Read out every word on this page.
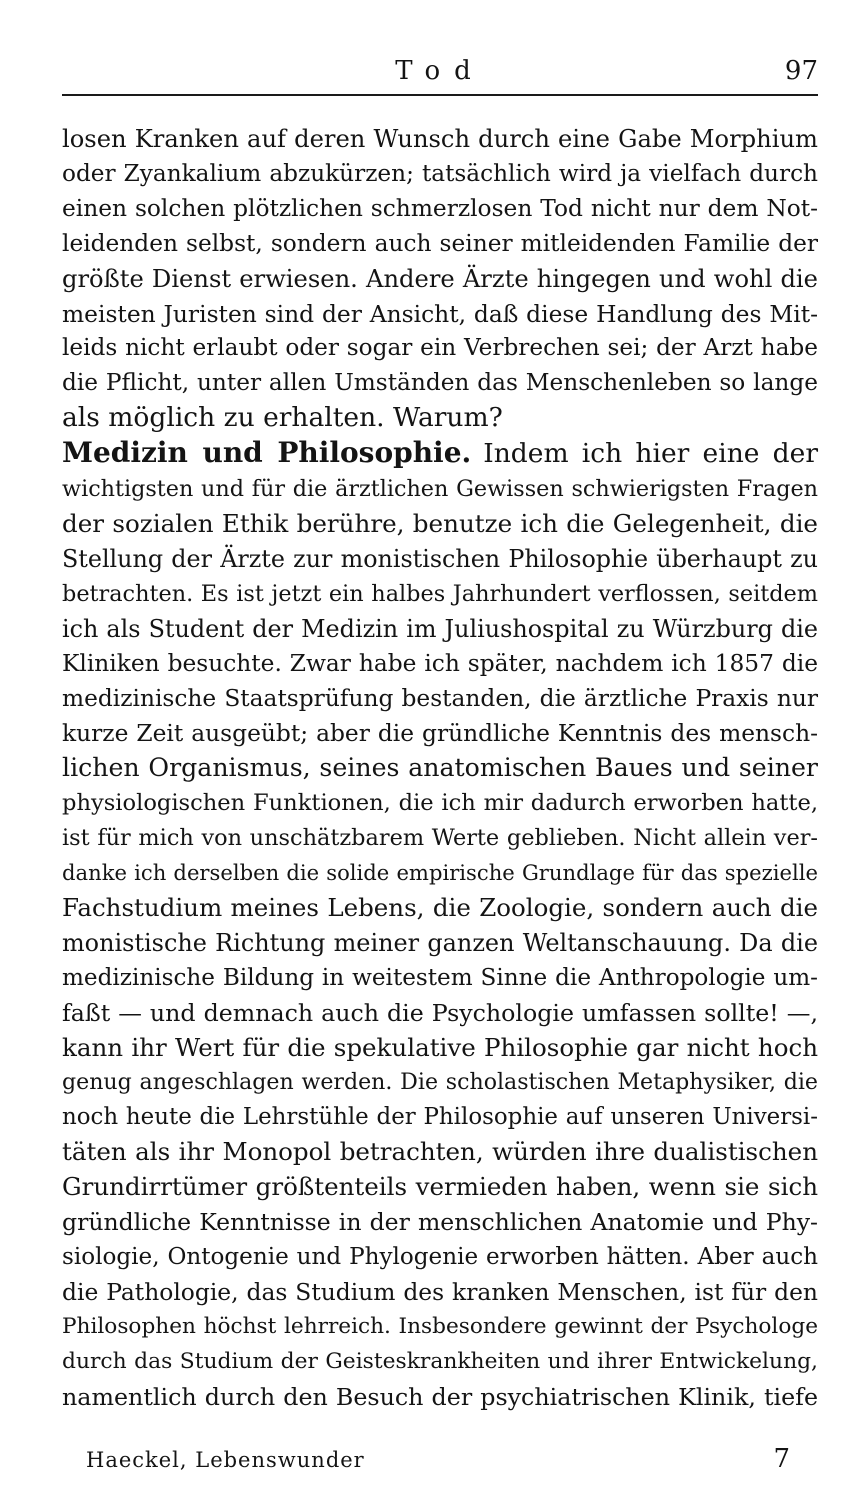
Tod	97
losen Kranken auf deren Wunsch durch eine Gabe Morphium
oder Zyankalium abzukürzen; tatsächlich wird ja vielfach durch
einen solchen plötzlichen schmerzlosen Tod nicht nur dem Not-
leidenden selbst, sondern auch seiner mitleidenden Familie der
größte Dienst erwiesen. Andere Ärzte hingegen und wohl die
meisten Juristen sind der Ansicht, daß diese Handlung des Mit-
leids nicht erlaubt oder sogar ein Verbrechen sei; der Arzt habe
die Pflicht, unter allen Umständen das Menschenleben so lange
als möglich zu erhalten. Warum?
Medizin und Philosophie. Indem ich hier eine der
wichtigsten und für die ärztlichen Gewissen schwierigsten Fragen
der sozialen Ethik berühre, benutze ich die Gelegenheit, die
Stellung der Ärzte zur monistischen Philosophie überhaupt zu
betrachten. Es ist jetzt ein halbes Jahrhundert verflossen, seitdem
ich als Student der Medizin im Juliushospital zu Würzburg die
Kliniken besuchte. Zwar habe ich später, nachdem ich 1857 die
medizinische Staatsprüfung bestanden, die ärztliche Praxis nur
kurze Zeit ausgeübt; aber die gründliche Kenntnis des mensch-
lichen Organismus, seines anatomischen Baues und seiner
physiologischen Funktionen, die ich mir dadurch erworben hatte,
ist für mich von unschätzbarem Werte geblieben. Nicht allein ver-
danke ich derselben die solide empirische Grundlage für das spezielle
Fachstudium meines Lebens, die Zoologie, sondern auch die
monistische Richtung meiner ganzen Weltanschauung. Da die
medizinische Bildung in weitestem Sinne die Anthropologie um-
faßt — und demnach auch die Psychologie umfassen sollte! —,
kann ihr Wert für die spekulative Philosophie gar nicht hoch
genug angeschlagen werden. Die scholastischen Metaphysiker, die
noch heute die Lehrstühle der Philosophie auf unseren Universi-
täten als ihr Monopol betrachten, würden ihre dualistischen
Grundirrtümer größtenteils vermieden haben, wenn sie sich
gründliche Kenntnisse in der menschlichen Anatomie und Phy-
siologie, Ontogenie und Phylogenie erworben hätten. Aber auch
die Pathologie, das Studium des kranken Menschen, ist für den
Philosophen höchst lehrreich. Insbesondere gewinnt der Psychologe
durch das Studium der Geisteskrankheiten und ihrer Entwickelung,
namentlich durch den Besuch der psychiatrischen Klinik, tiefe
Haeckel, Lebenswunder	7
